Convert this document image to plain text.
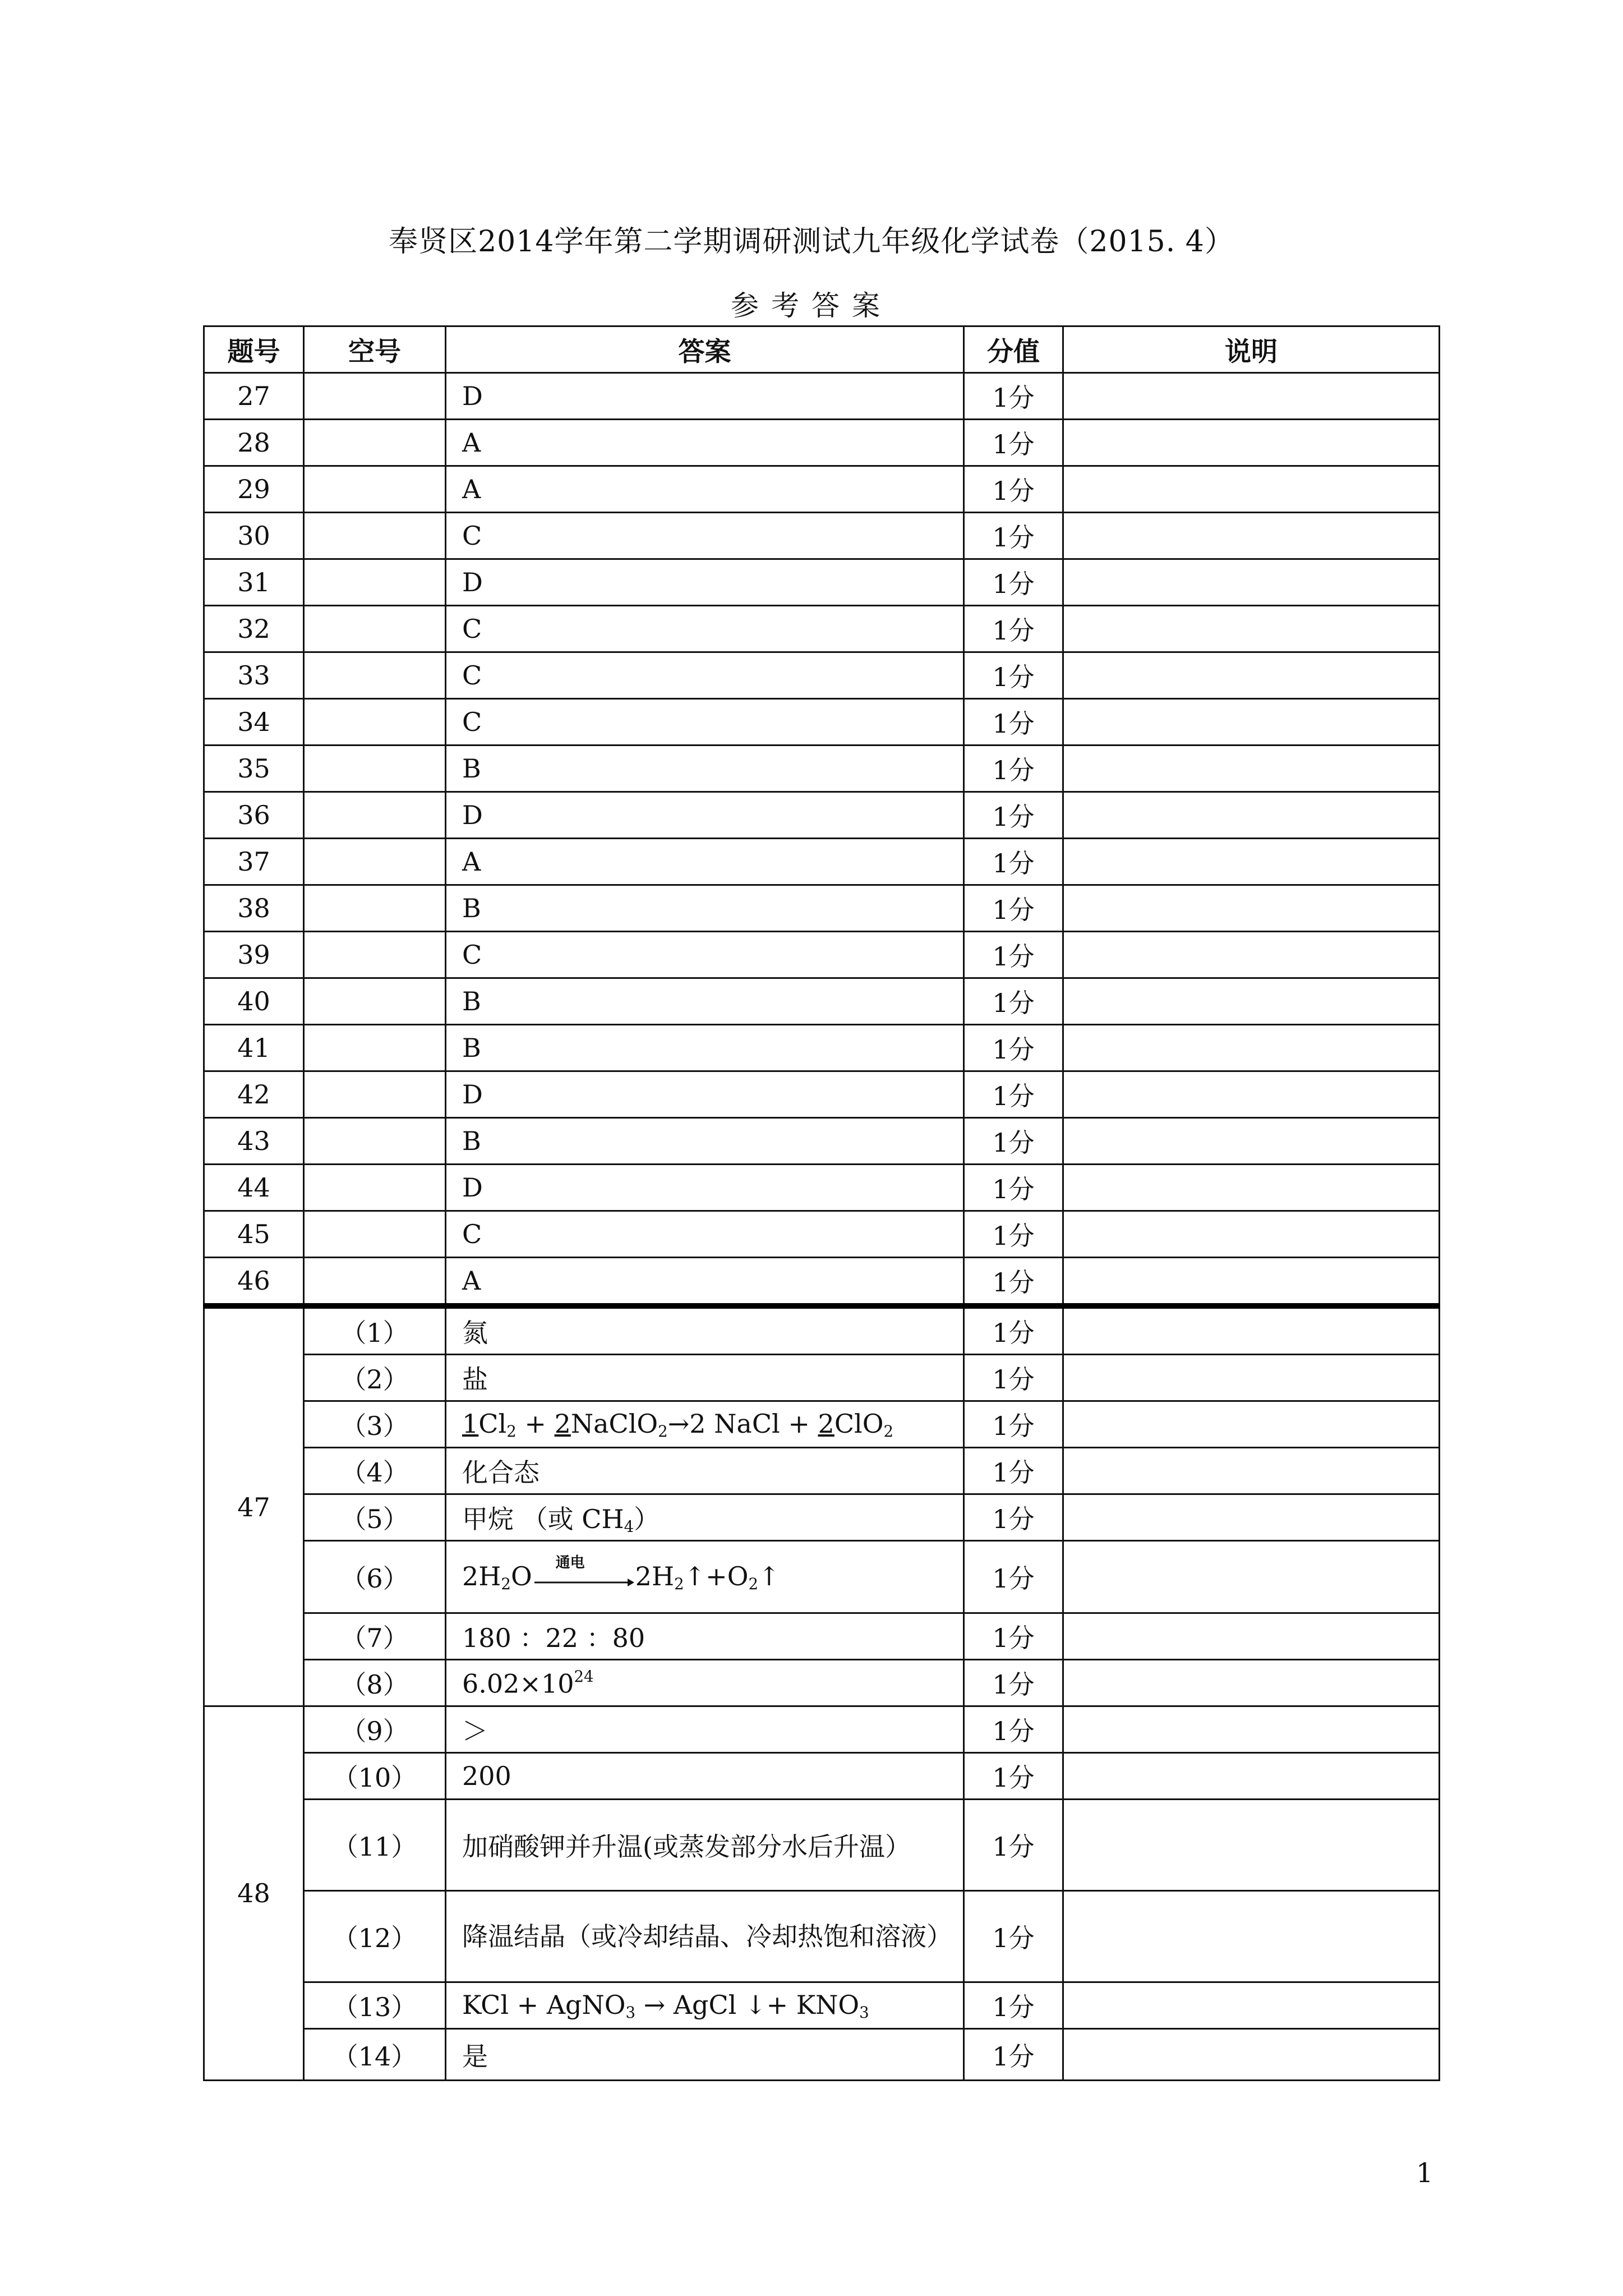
奉贤区2014学年第二学期调研测试九年级化学试卷（2015. 4）
参考答案
题号	空号	答案	分值	说明
27		D	1分	
28		A	1分	
29		A	1分	
30		C	1分	
31		D	1分	
32		C	1分	
33		C	1分	
34		C	1分	
35		B	1分	
36		D	1分	
37		A	1分	
38		B	1分	
39		C	1分	
40		B	1分	
41		B	1分	
42		D	1分	
43		B	1分	
44		D	1分	
45		C	1分	
46		A	1分	
47	（1）	氮	1分	
	（2）	盐	1分	
	（3）	$1Cl_2$ + 2NaClO$_2$→2 NaCl + 2ClO$_2$	1分	
	（4）	化合态	1分	
	（5）	甲烷 （或 $CH_4$）	1分	
	（6）	$2H_2O$ 通电 $2H_2↑+O_2↑$	1分	
	（7）	180 ：22 ：80	1分	
	（8）	$6.02\times 10^{24}$	1分	
48	（9）	＞	1分	
	（10）	200	1分	
	（11）	加硝酸钾并升温(或蒸发部分水后升温）	1分	
	（12）	降温结晶（或冷却结晶、冷却热饱和溶液）	1分	
	（13）	KCl + AgNO$_3$ → AgCl ↓+ $KNO_3$	1分	
	（14）	是	1分	
1
